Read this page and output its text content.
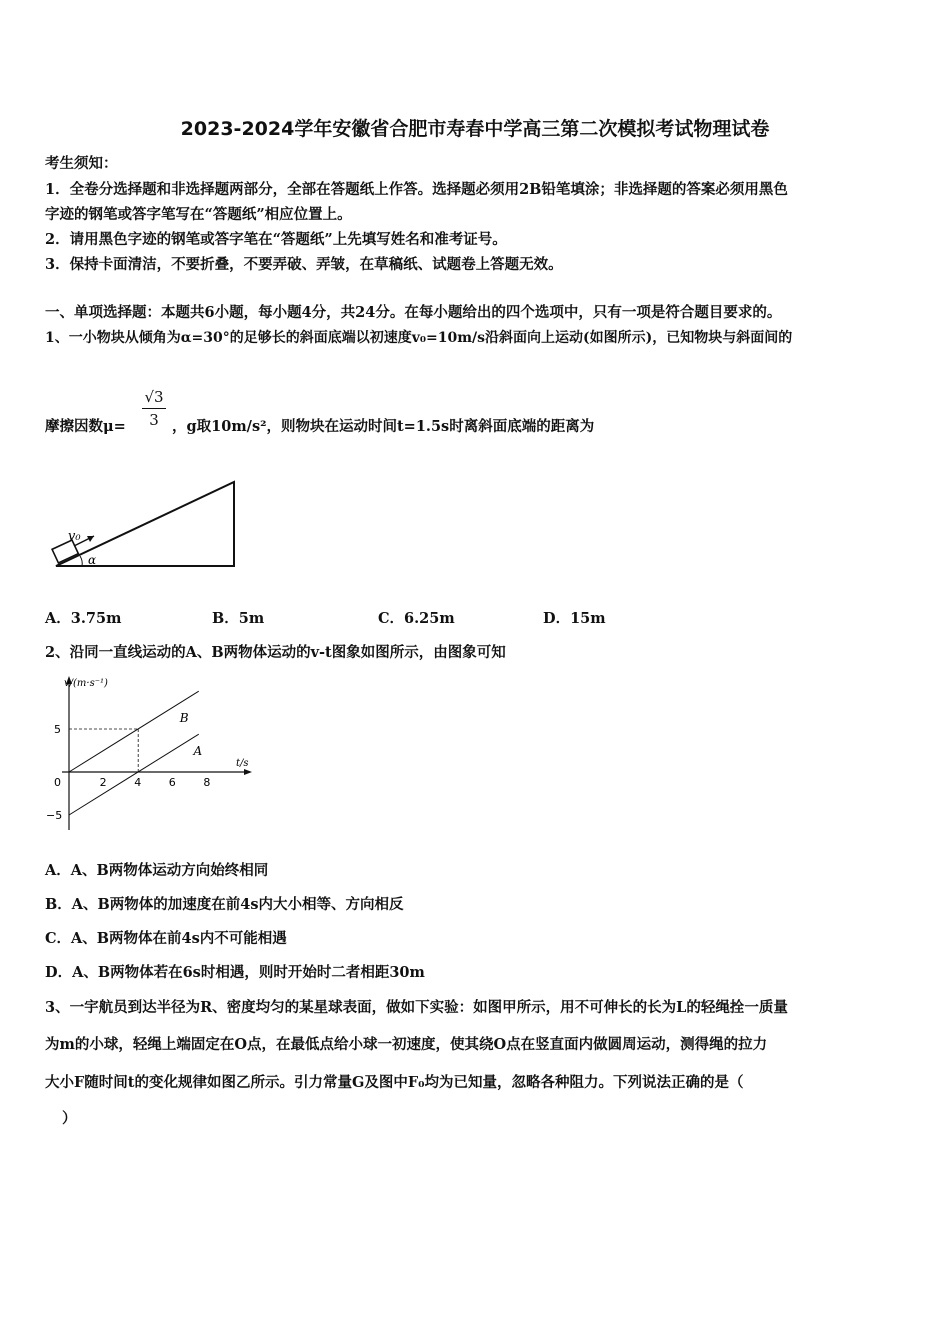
2023-2024学年安徽省合肥市寿春中学高三第二次模拟考试物理试卷
考生须知：
1．全卷分选择题和非选择题两部分，全部在答题纸上作答。选择题必须用2B铅笔填涂；非选择题的答案必须用黑色
字迹的钢笔或答字笔写在“答题纸”相应位置上。
2．请用黑色字迹的钢笔或答字笔在“答题纸”上先填写姓名和准考证号。
3．保持卡面清洁，不要折叠，不要弄破、弄皱，在草稿纸、试题卷上答题无效。
一、单项选择题：本题共6小题，每小题4分，共24分。在每小题给出的四个选项中，只有一项是符合题目要求的。
1、一小物块从倾角为α=30°的足够长的斜面底端以初速度v₀=10m/s沿斜面向上运动(如图所示)，已知物块与斜面间的
摩擦因数$\mu= \frac{√3}{3}$ ，g取10m/s²，则物块在运动时间t=1.5s时离斜面底端的距离为
v₀
α
A．3.75m	B．5m	C．6.25m	D．15m
2、沿同一直线运动的A、B两物体运动的v-t图象如图所示，由图象可知
v/(m·s⁻¹)
t/s
2	4	6	8
5
0
−5
A
B
A．A、B两物体运动方向始终相同
B．A、B两物体的加速度在前4s内大小相等、方向相反
C．A、B两物体在前4s内不可能相遇
D．A、B两物体若在6s时相遇，则时开始时二者相距30m
3、一宇航员到达半径为R、密度均匀的某星球表面，做如下实验：如图甲所示，用不可伸长的长为L的轻绳拴一质量
为m的小球，轻绳上端固定在O点，在最低点给小球一初速度，使其绕O点在竖直面内做圆周运动，测得绳的拉力
大小F随时间t的变化规律如图乙所示。引力常量G及图中F₀均为已知量，忽略各种阻力。下列说法正确的是（
）
